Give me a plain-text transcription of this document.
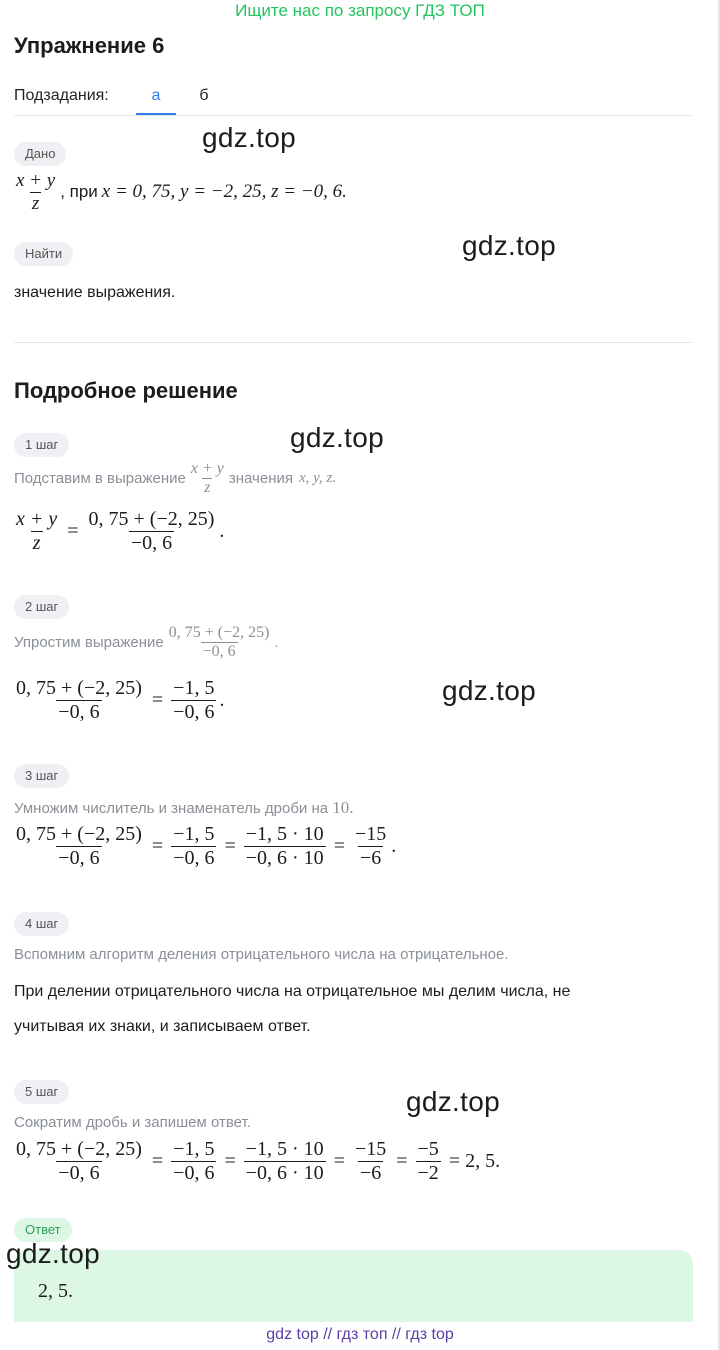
Ищите нас по запросу ГДЗ ТОП
Упражнение 6
Подзадания:	а	б
gdz.top
Дано
$\frac{x + y}{z}$ , при x = 0, 75, y = −2, 25, z = −0, 6.
gdz.top
Найти
значение выражения.
Подробное решение
1 шаг	gdz.top
Подставим в выражение $\frac{x + y}{z}$ значения x, y, z.
$\frac{x + y}{z} = \frac{0, 75 + (-2, 25)}{-0, 6}$ .
2 шаг
Упростим выражение $\frac{0, 75 + (-2, 25)}{-0, 6}$ .
$\frac{0, 75 + (-2, 25)}{-0, 6} = \frac{-1, 5}{-0, 6}$ .	gdz.top
3 шаг
Умножим числитель и знаменатель дроби на 10.
$\frac{0, 75 + (-2, 25)}{-0, 6} = \frac{-1, 5}{-0, 6} = \frac{-1, 5 \cdot 10}{-0, 6 \cdot 10} = \frac{-15}{-6}$ .
4 шаг
Вспомним алгоритм деления отрицательного числа на отрицательное.
При делении отрицательного числа на отрицательное мы делим числа, не
учитывая их знаки, и записываем ответ.
5 шаг	gdz.top
Сократим дробь и запишем ответ.
$\frac{0, 75 + (-2, 25)}{-0, 6} = \frac{-1, 5}{-0, 6} = \frac{-1, 5 \cdot 10}{-0, 6 \cdot 10} = \frac{-15}{-6} = \frac{-5}{-2} = 2$, 5.
Ответ
gdz.top
2, 5.
gdz top // гдз топ // гдз top
